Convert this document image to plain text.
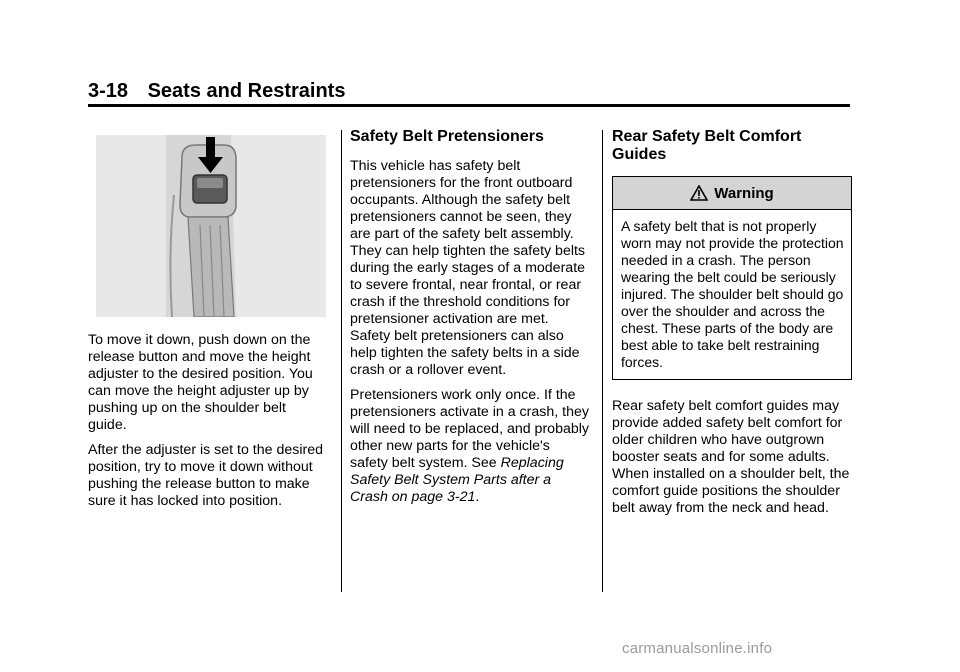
3-18 Seats and Restraints

To move it down, push down on the release button and move the height adjuster to the desired position. You can move the height adjuster up by pushing up on the shoulder belt guide.

After the adjuster is set to the desired position, try to move it down without pushing the release button to make sure it has locked into position.

Safety Belt Pretensioners

This vehicle has safety belt pretensioners for the front outboard occupants. Although the safety belt pretensioners cannot be seen, they are part of the safety belt assembly. They can help tighten the safety belts during the early stages of a moderate to severe frontal, near frontal, or rear crash if the threshold conditions for pretensioner activation are met. Safety belt pretensioners can also help tighten the safety belts in a side crash or a rollover event.

Pretensioners work only once. If the pretensioners activate in a crash, they will need to be replaced, and probably other new parts for the vehicle's safety belt system. See Replacing Safety Belt System Parts after a Crash on page 3-21.

Rear Safety Belt Comfort Guides
Warning
A safety belt that is not properly worn may not provide the protection needed in a crash. The person wearing the belt could be seriously injured. The shoulder belt should go over the shoulder and across the chest. These parts of the body are best able to take belt restraining forces.

Rear safety belt comfort guides may provide added safety belt comfort for older children who have outgrown booster seats and for some adults. When installed on a shoulder belt, the comfort guide positions the shoulder belt away from the neck and head.

carmanualsonline.info
